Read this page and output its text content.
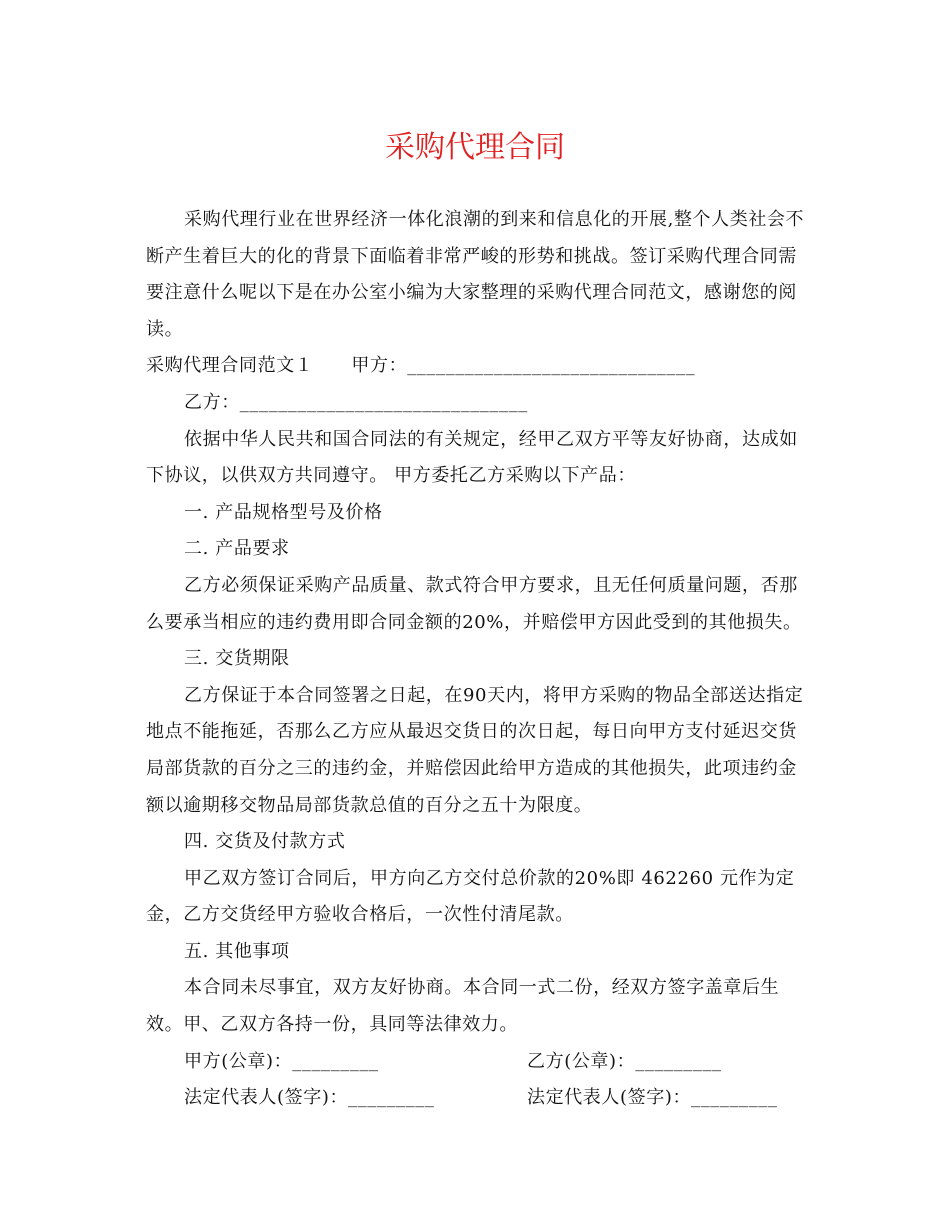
采购代理合同

采购代理行业在世界经济一体化浪潮的到来和信息化的开展,整个人类社会不断产生着巨大的化的背景下面临着非常严峻的形势和挑战。签订采购代理合同需要注意什么呢以下是在办公室小编为大家整理的采购代理合同范文，感谢您的阅读。

采购代理合同范文１ 甲方：______________________________

乙方：______________________________

依据中华人民共和国合同法的有关规定，经甲乙双方平等友好协商，达成如下协议，以供双方共同遵守。 甲方委托乙方采购以下产品：

一. 产品规格型号及价格

二. 产品要求

乙方必须保证采购产品质量、款式符合甲方要求，且无任何质量问题，否那么要承当相应的违约费用即合同金额的20%，并赔偿甲方因此受到的其他损失。

三. 交货期限

乙方保证于本合同签署之日起，在90天内，将甲方采购的物品全部送达指定地点不能拖延，否那么乙方应从最迟交货日的次日起，每日向甲方支付延迟交货局部货款的百分之三的违约金，并赔偿因此给甲方造成的其他损失，此项违约金额以逾期移交物品局部货款总值的百分之五十为限度。

四. 交货及付款方式

甲乙双方签订合同后，甲方向乙方交付总价款的20%即 462260 元作为定金，乙方交货经甲方验收合格后，一次性付清尾款。

五. 其他事项

本合同未尽事宜，双方友好协商。本合同一式二份，经双方签字盖章后生效。甲、乙双方各持一份，具同等法律效力。

甲方(公章)：_________	乙方(公章)：_________
法定代表人(签字)：_________	法定代表人(签字)：_________
